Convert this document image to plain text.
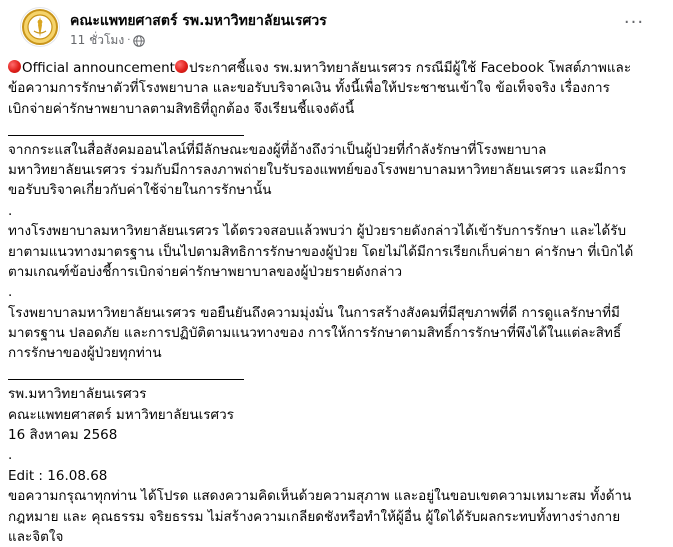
คณะแพทยศาสตร์ รพ.มหาวิทยาลัยนเรศวร
11 ชั่วโมง ·
···
Official announcement ประกาศชี้แจง รพ.มหาวิทยาลัยนเรศวร กรณีมีผู้ใช้ Facebook โพสต์ภาพและ
ข้อความการรักษาตัวที่โรงพยาบาล และขอรับบริจาคเงิน ทั้งนี้เพื่อให้ประชาชนเข้าใจ ข้อเท็จจริง เรื่องการ
เบิกจ่ายค่ารักษาพยาบาลตามสิทธิที่ถูกต้อง จึงเรียนชี้แจงดังนี้
จากกระแสในสื่อสังคมออนไลน์ที่มีลักษณะของผู้ที่อ้างถึงว่าเป็นผู้ป่วยที่กำลังรักษาที่โรงพยาบาล
มหาวิทยาลัยนเรศวร ร่วมกับมีการลงภาพถ่ายใบรับรองแพทย์ของโรงพยาบาลมหาวิทยาลัยนเรศวร และมีการ
ขอรับบริจาคเกี่ยวกับค่าใช้จ่ายในการรักษานั้น
.
ทางโรงพยาบาลมหาวิทยาลัยนเรศวร ได้ตรวจสอบแล้วพบว่า ผู้ป่วยรายดังกล่าวได้เข้ารับการรักษา และได้รับ
ยาตามแนวทางมาตรฐาน เป็นไปตามสิทธิการรักษาของผู้ป่วย โดยไม่ได้มีการเรียกเก็บค่ายา ค่ารักษา ที่เบิกได้
ตามเกณฑ์ข้อบ่งชี้การเบิกจ่ายค่ารักษาพยาบาลของผู้ป่วยรายดังกล่าว
.
โรงพยาบาลมหาวิทยาลัยนเรศวร ขอยืนยันถึงความมุ่งมั่น ในการสร้างสังคมที่มีสุขภาพที่ดี การดูแลรักษาที่มี
มาตรฐาน ปลอดภัย และการปฏิบัติตามแนวทางของ การให้การรักษาตามสิทธิ์การรักษาที่พึงได้ในแต่ละสิทธิ์
การรักษาของผู้ป่วยทุกท่าน
รพ.มหาวิทยาลัยนเรศวร
คณะแพทยศาสตร์ มหาวิทยาลัยนเรศวร
16 สิงหาคม 2568
.
Edit : 16.08.68
ขอความกรุณาทุกท่าน ได้โปรด แสดงความคิดเห็นด้วยความสุภาพ และอยู่ในขอบเขตความเหมาะสม ทั้งด้าน
กฎหมาย และ คุณธรรม จริยธรรม ไม่สร้างความเกลียดชังหรือทำให้ผู้อื่น ผู้ใดได้รับผลกระทบทั้งทางร่างกาย
และจิตใจ
